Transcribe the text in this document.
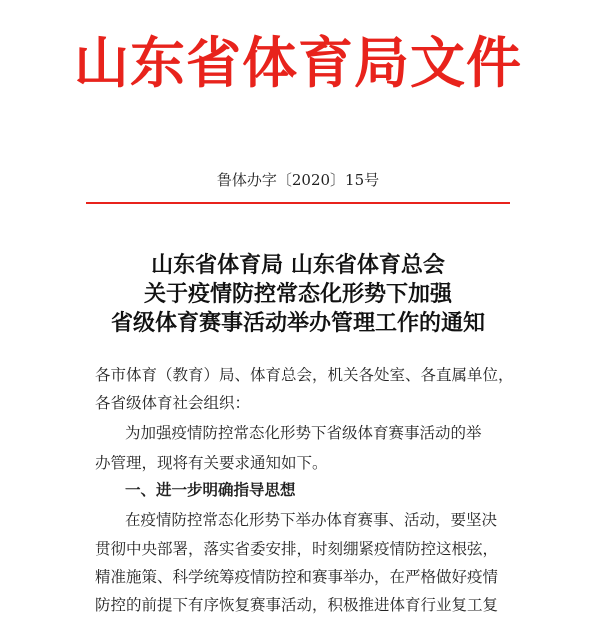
山东省体育局文件
鲁体办字〔2020〕15号
山东省体育局 山东省体育总会
关于疫情防控常态化形势下加强
省级体育赛事活动举办管理工作的通知
各市体育（教育）局、体育总会，机关各处室、各直属单位，
各省级体育社会组织：
为加强疫情防控常态化形势下省级体育赛事活动的举
办管理，现将有关要求通知如下。
一、进一步明确指导思想
在疫情防控常态化形势下举办体育赛事、活动，要坚决
贯彻中央部署，落实省委安排，时刻绷紧疫情防控这根弦，
精准施策、科学统筹疫情防控和赛事举办，在严格做好疫情
防控的前提下有序恢复赛事活动，积极推进体育行业复工复
